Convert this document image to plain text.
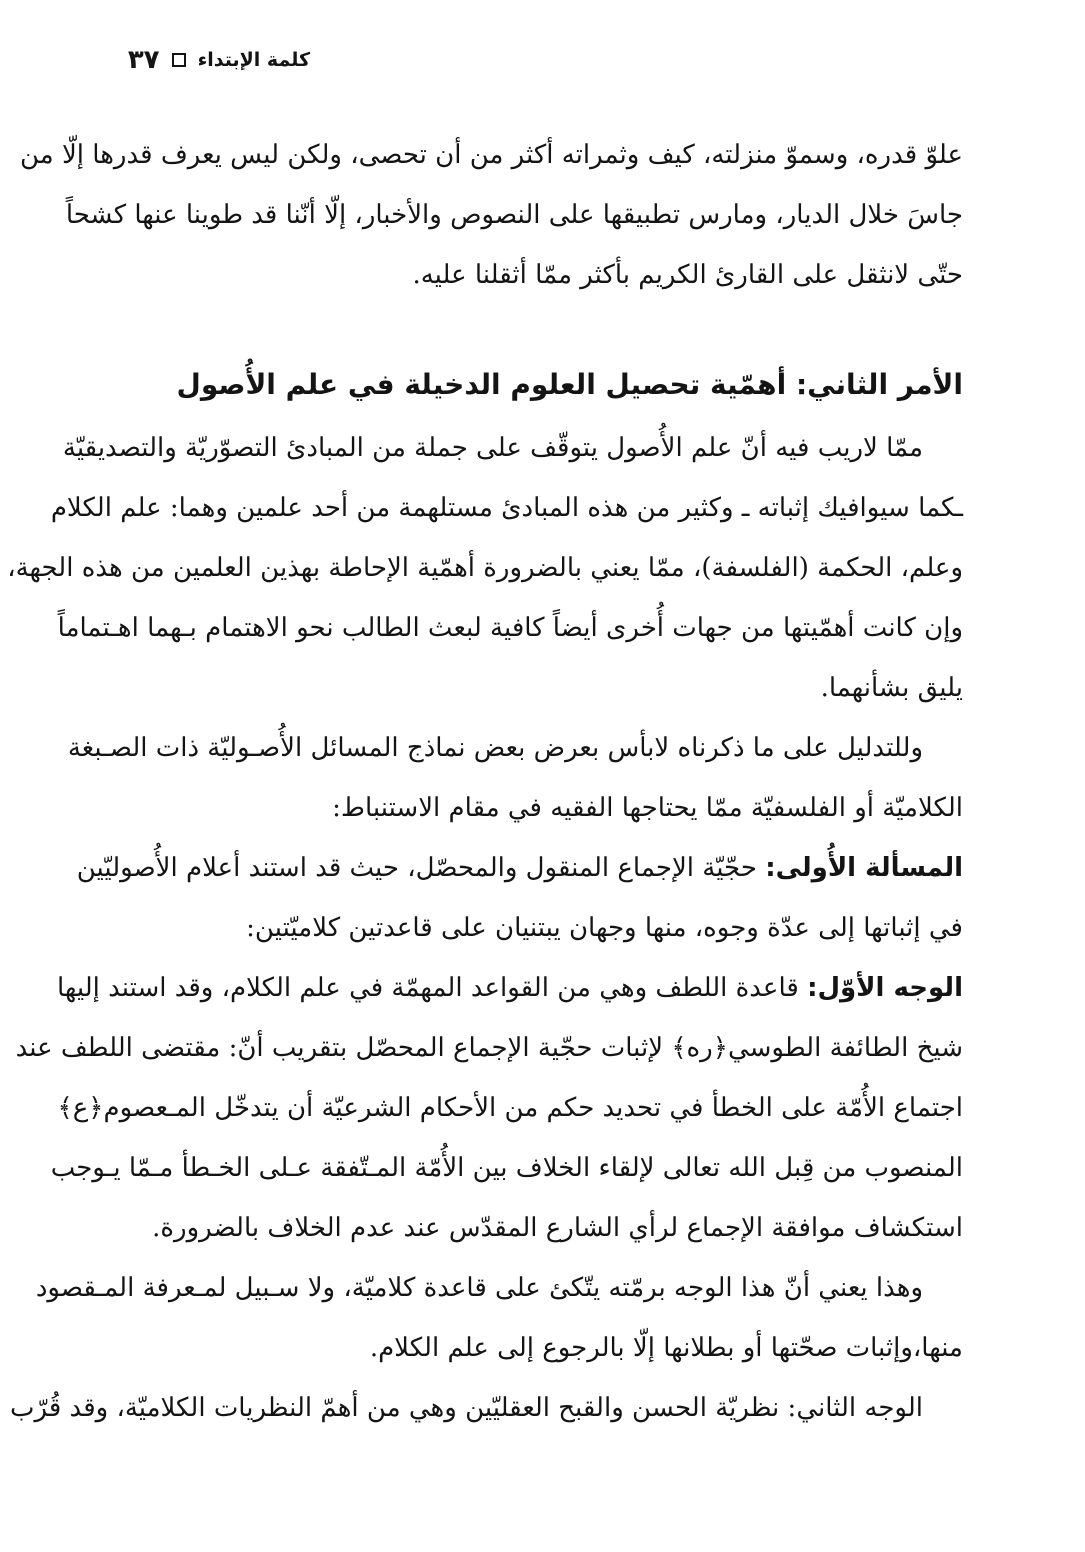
كلمة الإبتداء
٣٧
علوّ قدره، وسموّ منزلته، كيف وثمراته أكثر من أن تحصى، ولكن ليس يعرف قدرها إلّا من
جاسَ خلال الديار، ومارس تطبيقها على النصوص والأخبار، إلّا أنّنا قد طوينا عنها كشحاً
حتّى لانثقل على القارئ الكريم بأكثر ممّا أثقلنا عليه.
الأمر الثاني: أهمّية تحصيل العلوم الدخيلة في علم الأُصول
ممّا لاريب فيه أنّ علم الأُصول يتوقّف على جملة من المبادئ التصوّريّة والتصديقيّة
ـكما سيوافيك إثباته ـ وكثير من هذه المبادئ مستلهمة من أحد علمين وهما: علم الكلام
وعلم، الحكمة (الفلسفة)، ممّا يعني بالضرورة أهمّية الإحاطة بهذين العلمين من هذه الجهة،
وإن كانت أهمّيتها من جهات أُخرى أيضاً كافية لبعث الطالب نحو الاهتمام بـهما اهـتماماً
يليق بشأنهما.
وللتدليل على ما ذكرناه لابأس بعرض بعض نماذج المسائل الأُصـوليّة ذات الصـبغة
الكلاميّة أو الفلسفيّة ممّا يحتاجها الفقيه في مقام الاستنباط:
المسألة الأُولى: حجّيّة الإجماع المنقول والمحصّل، حيث قد استند أعلام الأُصوليّين
في إثباتها إلى عدّة وجوه، منها وجهان يبتنيان على قاعدتين كلاميّتين:
الوجه الأوّل: قاعدة اللطف وهي من القواعد المهمّة في علم الكلام، وقد استند إليها
شيخ الطائفة الطوسي﴿ره﴾ لإثبات حجّية الإجماع المحصّل بتقريب أنّ: مقتضى اللطف عند
اجتماع الأُمّة على الخطأ في تحديد حكم من الأحكام الشرعيّة أن يتدخّل المـعصوم﴿ع﴾
المنصوب من قِبل الله تعالى لإلقاء الخلاف بين الأُمّة المـتّفقة عـلى الخـطأ مـمّا يـوجب
استكشاف موافقة الإجماع لرأي الشارع المقدّس عند عدم الخلاف بالضرورة.
وهذا يعني أنّ هذا الوجه برمّته يتّكئ على قاعدة كلاميّة، ولا سـبيل لمـعرفة المـقصود
منها،وإثبات صحّتها أو بطلانها إلّا بالرجوع إلى علم الكلام.
الوجه الثاني: نظريّة الحسن والقبح العقليّين وهي من أهمّ النظريات الكلاميّة، وقد قُرّب
